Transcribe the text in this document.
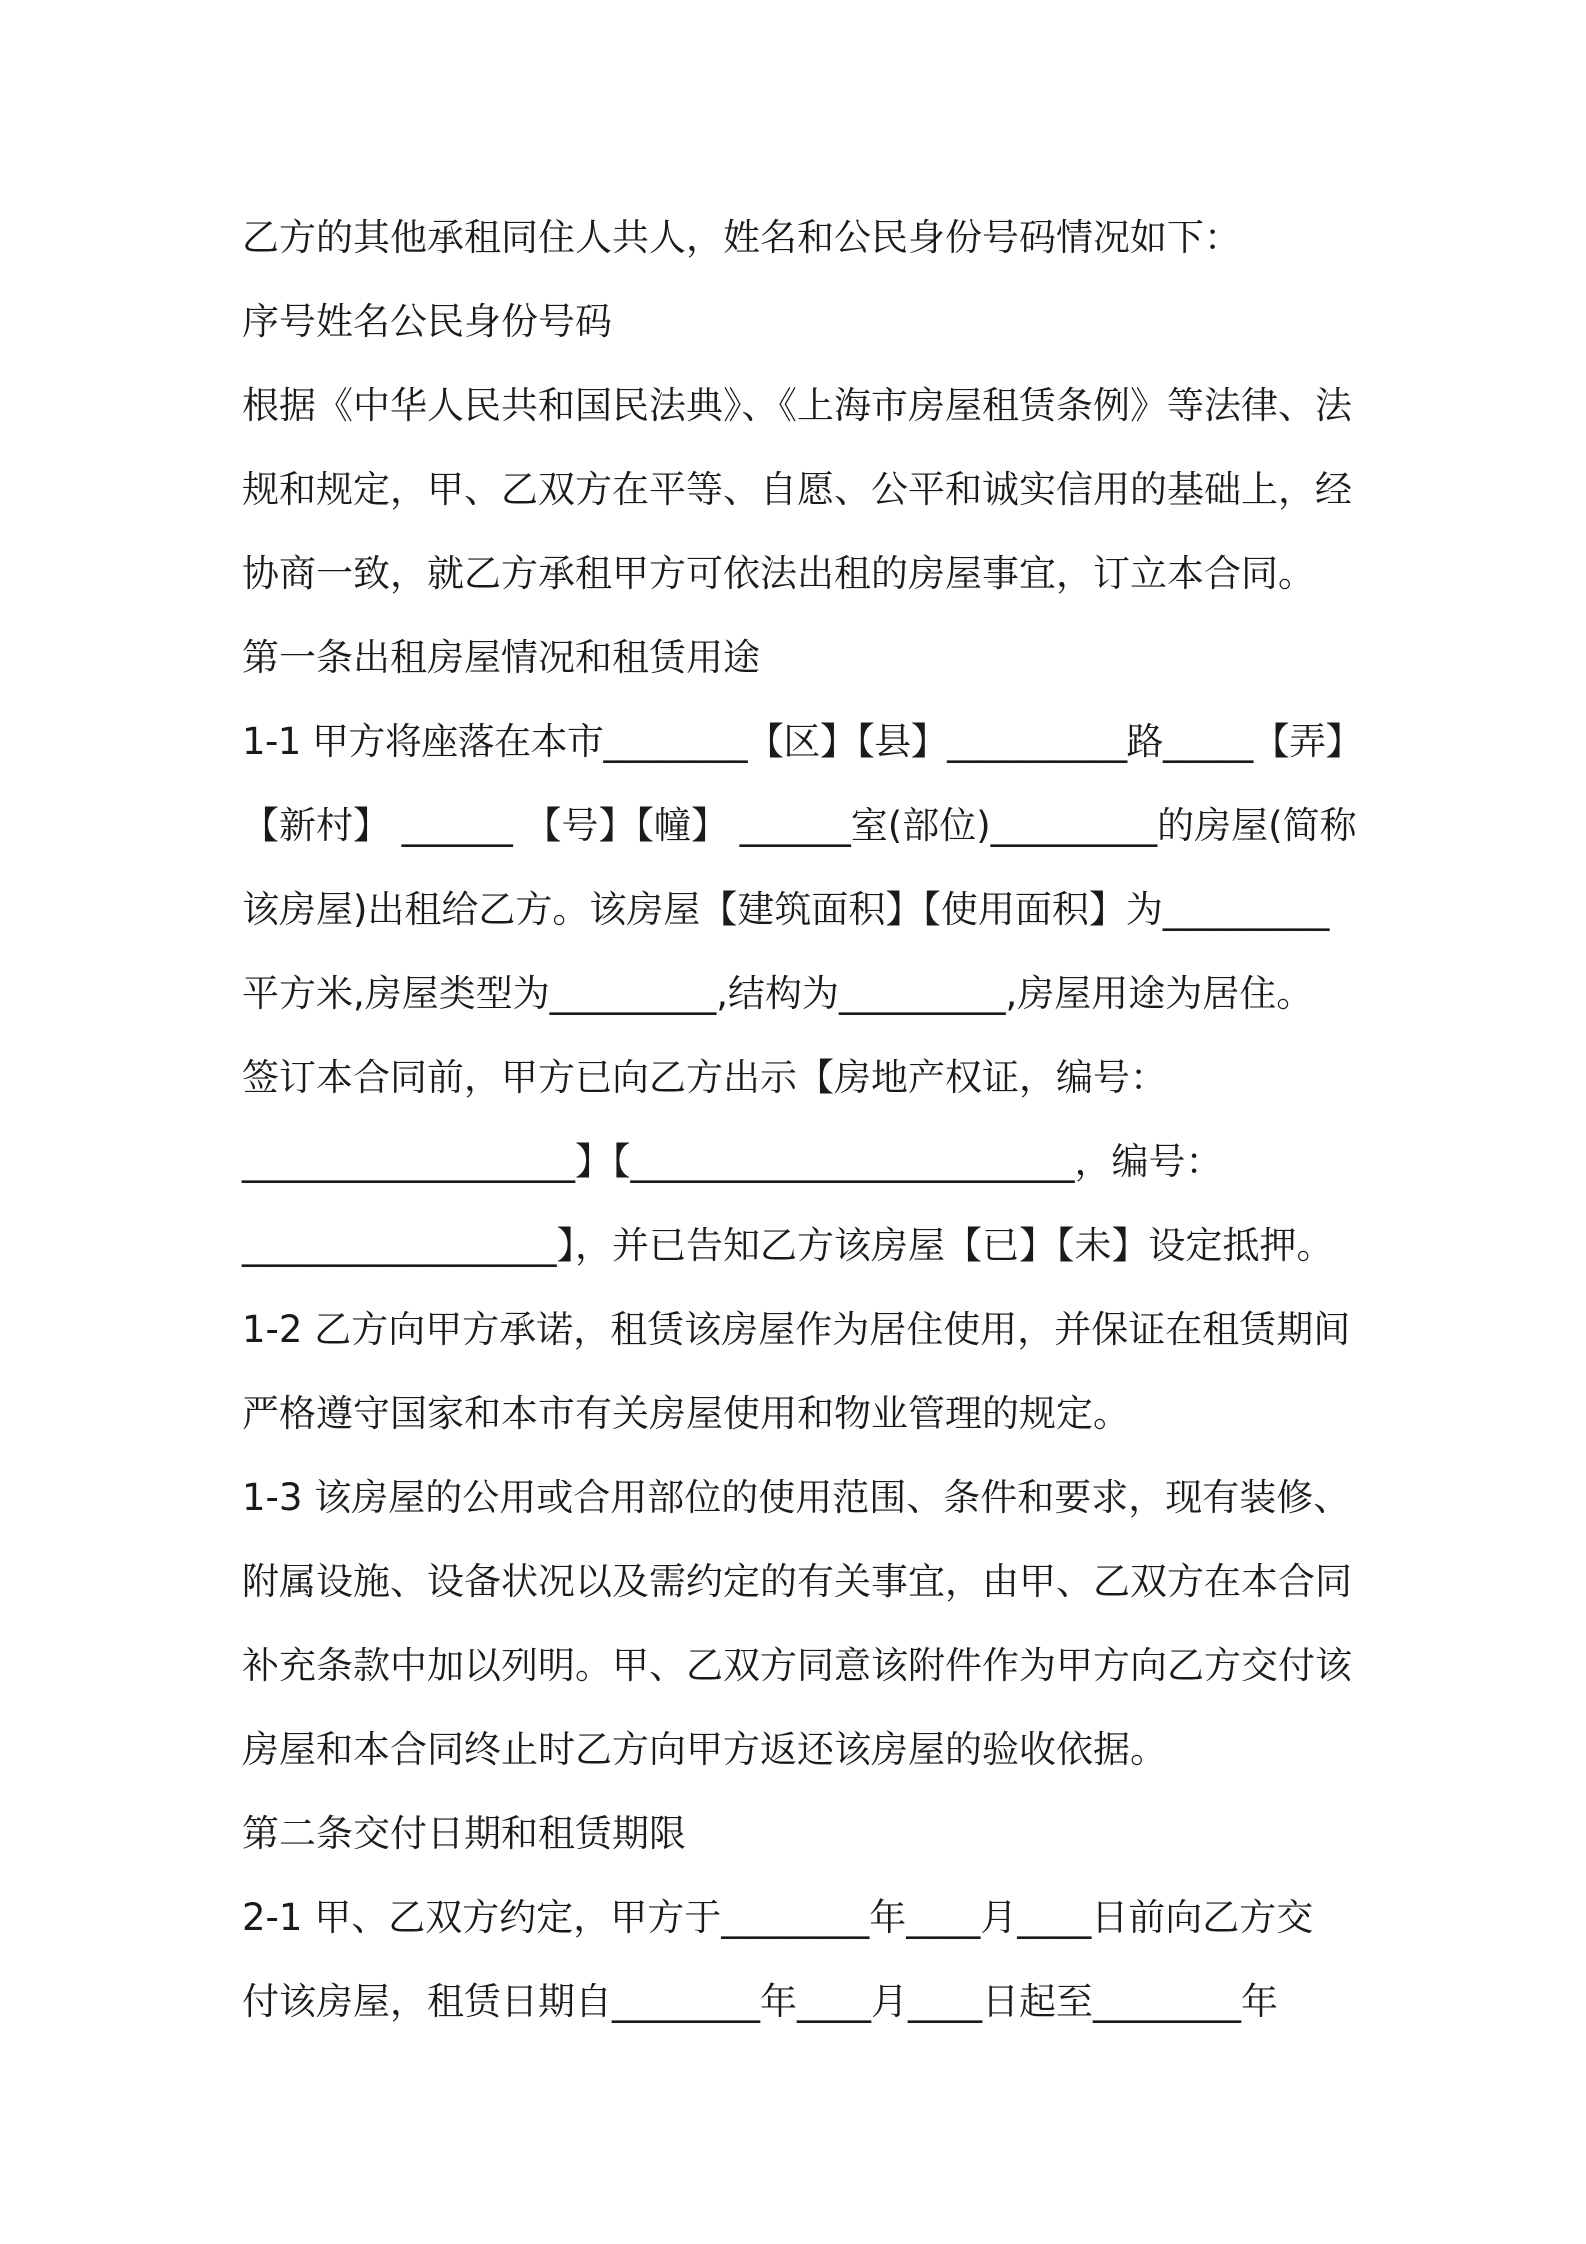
乙方的其他承租同住人共人，姓名和公民身份号码情况如下：

序号姓名公民身份号码

根据《中华人民共和国民法典》、《上海市房屋租赁条例》等法律、法

规和规定，甲、乙双方在平等、自愿、公平和诚实信用的基础上，经

协商一致，就乙方承租甲方可依法出租的房屋事宜，订立本合同。

第一条出租房屋情况和租赁用途

1-1 甲方将座落在本市________【区】【县】__________路_____【弄】

【新村】 ______ 【号】【幢】 ______室(部位)_________的房屋(简称

该房屋)出租给乙方。该房屋【建筑面积】【使用面积】为_________

平方米,房屋类型为_________,结构为_________,房屋用途为居住。

签订本合同前，甲方已向乙方出示【房地产权证，编号：

__________________】【________________________，编号：

_________________】，并已告知乙方该房屋【已】【未】设定抵押。

1-2 乙方向甲方承诺，租赁该房屋作为居住使用，并保证在租赁期间

严格遵守国家和本市有关房屋使用和物业管理的规定。

1-3 该房屋的公用或合用部位的使用范围、条件和要求，现有装修、

附属设施、设备状况以及需约定的有关事宜，由甲、乙双方在本合同

补充条款中加以列明。甲、乙双方同意该附件作为甲方向乙方交付该

房屋和本合同终止时乙方向甲方返还该房屋的验收依据。

第二条交付日期和租赁期限

2-1 甲、乙双方约定，甲方于________年____月____日前向乙方交

付该房屋，租赁日期自________年____月____日起至________年
